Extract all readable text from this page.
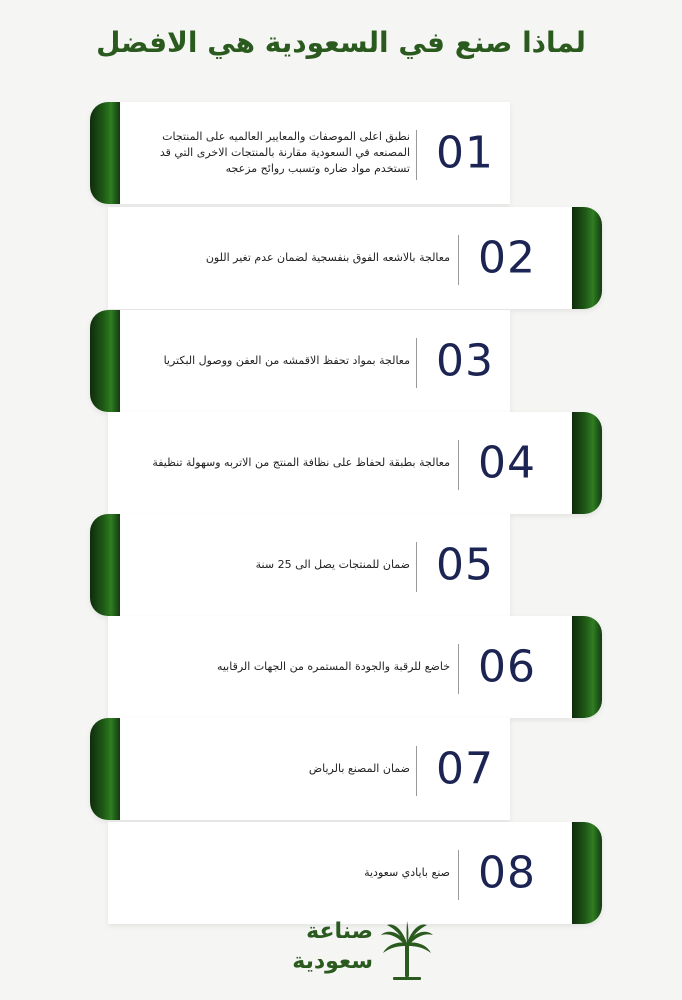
لماذا صنع في السعودية هي الافضل
01
نطبق اعلى الموصفات والمعايير العالميه على المنتجات المصنعه في السعودية مقارنة بالمنتجات الاخرى التي قد تستخدم مواد ضاره وتسبب روائح مزعجه
02
معالجة بالاشعه الفوق بنفسجية لضمان عدم تغير اللون
03
معالجة بمواد تحفظ الاقمشه من العفن ووصول البكتريا
04
معالجة بطبقة لحفاظ على نظافة المنتج من الاتربه وسهولة تنظيفة
05
ضمان للمنتجات يصل الى 25 سنة
06
خاضع للرقبة والجودة المستمره من الجهات الرقابيه
07
ضمان المصنع بالرياض
08
صنع بايادي سعودية
صناعة
سعودية
